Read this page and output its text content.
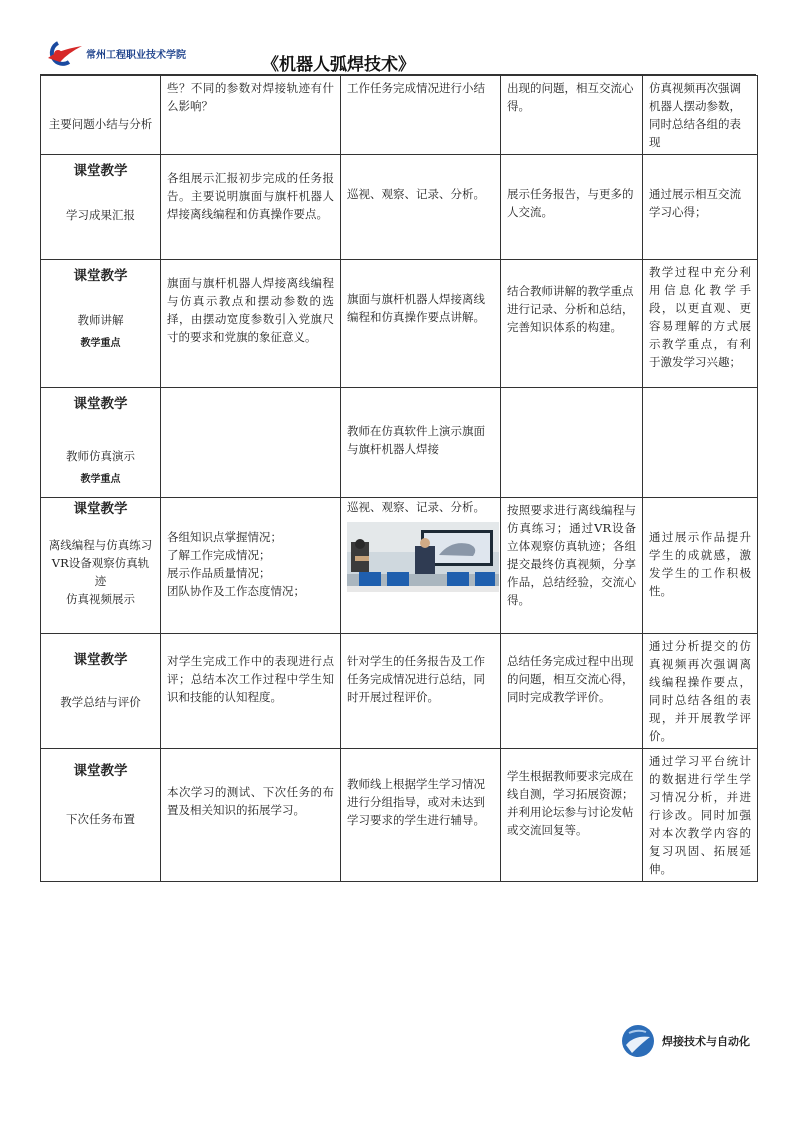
常州工程职业技术学院	《机器人弧焊技术》
主要问题小结与分析	些？不同的参数对焊接轨迹有什么影响？	工作任务完成情况进行小结	出现的问题，相互交流心得。	仿真视频再次强调机器人摆动参数，同时总结各组的表现

课堂教学
学习成果汇报	各组展示汇报初步完成的任务报告。主要说明旗面与旗杆机器人焊接离线编程和仿真操作要点。	巡视、观察、记录、分析。	展示任务报告，与更多的人交流。	通过展示相互交流学习心得；

课堂教学
教师讲解
教学重点	旗面与旗杆机器人焊接离线编程与仿真示教点和摆动参数的选择，由摆动宽度参数引入党旗尺寸的要求和党旗的象征意义。	旗面与旗杆机器人焊接离线编程和仿真操作要点讲解。	结合教师讲解的教学重点进行记录、分析和总结，完善知识体系的构建。	教学过程中充分利用信息化教学手段，以更直观、更容易理解的方式展示教学重点，有利于激发学习兴趣；

课堂教学
教师仿真演示
教学重点		教师在仿真软件上演示旗面与旗杆机器人焊接		

课堂教学
离线编程与仿真练习
VR设备观察仿真轨迹
仿真视频展示	各组知识点掌握情况；
了解工作完成情况；
展示作品质量情况；
团队协作及工作态度情况；	巡视、观察、记录、分析。	按照要求进行离线编程与仿真练习；通过VR设备立体观察仿真轨迹；各组提交最终仿真视频，分享作品，总结经验，交流心得。	通过展示作品提升学生的成就感，激发学生的工作积极性。

课堂教学
教学总结与评价	对学生完成工作中的表现进行点评；总结本次工作过程中学生知识和技能的认知程度。	针对学生的任务报告及工作任务完成情况进行总结，同时开展过程评价。	总结任务完成过程中出现的问题，相互交流心得，同时完成教学评价。	通过分析提交的仿真视频再次强调离线编程操作要点，同时总结各组的表现，并开展教学评价。

课堂教学
下次任务布置	本次学习的测试、下次任务的布置及相关知识的拓展学习。	教师线上根据学生学习情况进行分组指导，或对未达到学习要求的学生进行辅导。	学生根据教师要求完成在线自测，学习拓展资源；并利用论坛参与讨论发帖或交流回复等。	通过学习平台统计的数据进行学生学习情况分析，并进行诊改。同时加强对本次教学内容的复习巩固、拓展延伸。
焊接技术与自动化
